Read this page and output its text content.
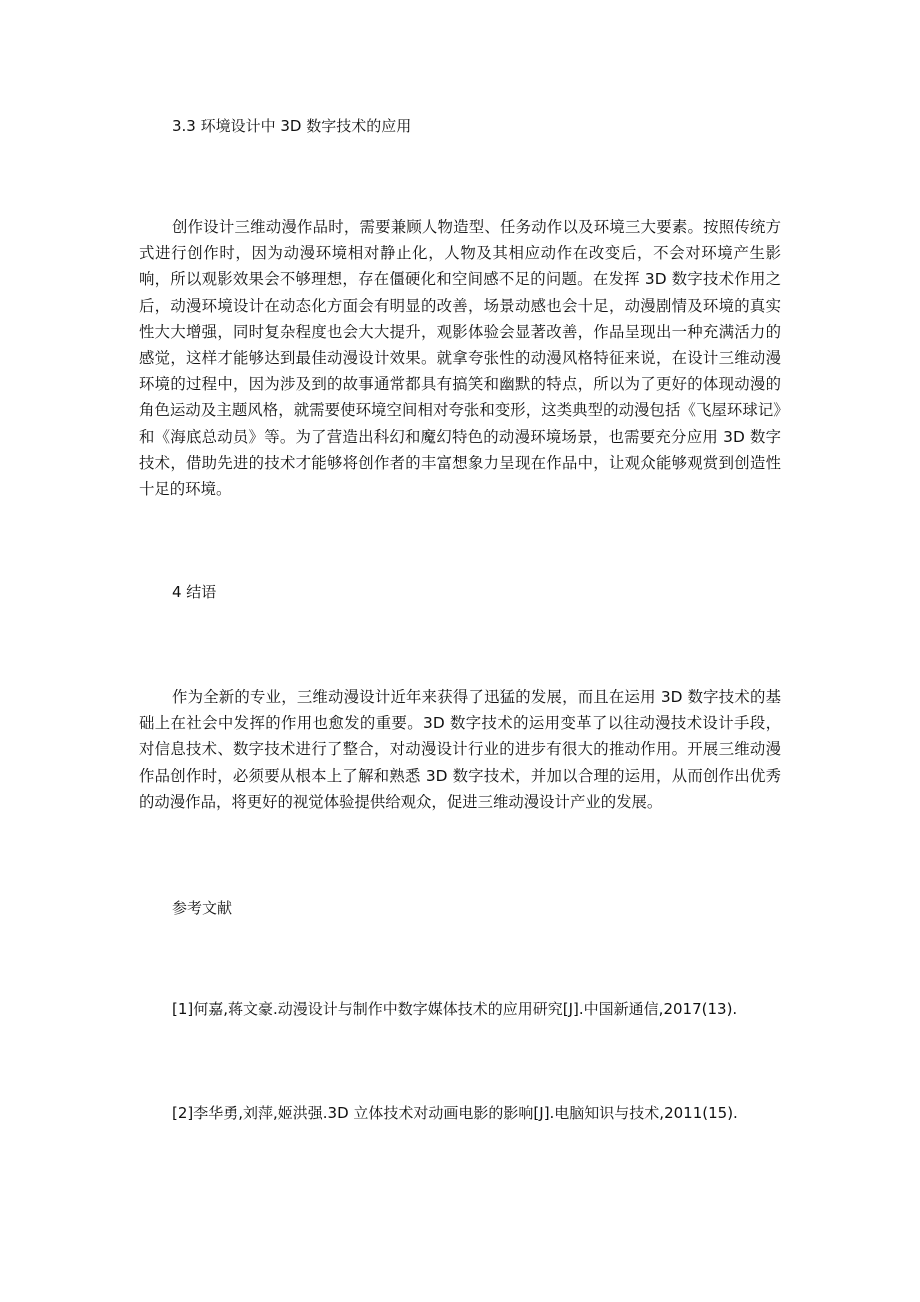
3.3 环境设计中 3D 数字技术的应用

创作设计三维动漫作品时，需要兼顾人物造型、任务动作以及环境三大要素。按照传统方式进行创作时，因为动漫环境相对静止化，人物及其相应动作在改变后，不会对环境产生影响，所以观影效果会不够理想，存在僵硬化和空间感不足的问题。在发挥 3D 数字技术作用之后，动漫环境设计在动态化方面会有明显的改善，场景动感也会十足，动漫剧情及环境的真实性大大增强，同时复杂程度也会大大提升，观影体验会显著改善，作品呈现出一种充满活力的感觉，这样才能够达到最佳动漫设计效果。就拿夸张性的动漫风格特征来说，在设计三维动漫环境的过程中，因为涉及到的故事通常都具有搞笑和幽默的特点，所以为了更好的体现动漫的角色运动及主题风格，就需要使环境空间相对夸张和变形，这类典型的动漫包括《飞屋环球记》和《海底总动员》等。为了营造出科幻和魔幻特色的动漫环境场景，也需要充分应用 3D 数字技术，借助先进的技术才能够将创作者的丰富想象力呈现在作品中，让观众能够观赏到创造性十足的环境。

4 结语

作为全新的专业，三维动漫设计近年来获得了迅猛的发展，而且在运用 3D 数字技术的基础上在社会中发挥的作用也愈发的重要。3D 数字技术的运用变革了以往动漫技术设计手段，对信息技术、数字技术进行了整合，对动漫设计行业的进步有很大的推动作用。开展三维动漫作品创作时，必须要从根本上了解和熟悉 3D 数字技术，并加以合理的运用，从而创作出优秀的动漫作品，将更好的视觉体验提供给观众，促进三维动漫设计产业的发展。

参考文献
[1]何嘉,蒋文豪.动漫设计与制作中数字媒体技术的应用研究[J].中国新通信,2017(13).
[2]李华勇,刘萍,姬洪强.3D 立体技术对动画电影的影响[J].电脑知识与技术,2011(15).
